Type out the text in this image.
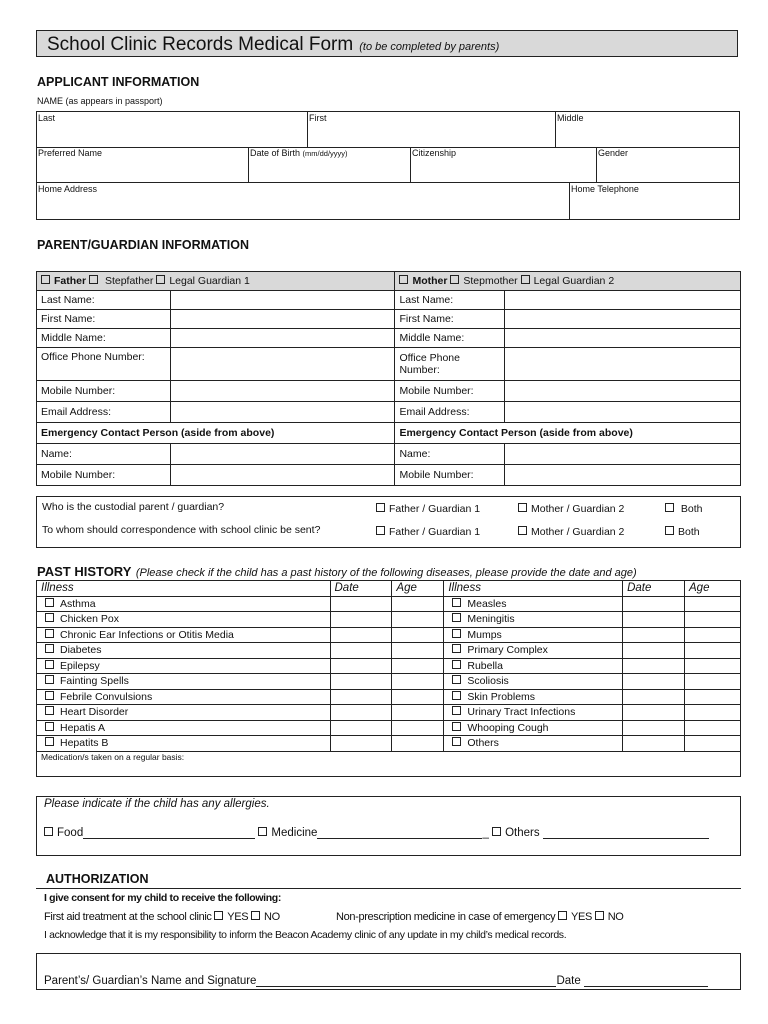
School Clinic Records Medical Form (to be completed by parents)
APPLICANT INFORMATION
NAME (as appears in passport)
Last	First	Middle
Preferred Name	Date of Birth (mm/dd/yyyy)	Citizenship	Gender
Home Address	Home Telephone
PARENT/GUARDIAN INFORMATION
Father Stepfather Legal Guardian 1		Mother Stepmother Legal Guardian 2	
Last Name:		Last Name:	
First Name:		First Name:	
Middle Name:		Middle Name:	
Office Phone Number:		Office Phone
Number:	
Mobile Number:		Mobile Number:	
Email Address:		Email Address:	
Emergency Contact Person (aside from above)		Emergency Contact Person (aside from above)	
Name:		Name:	
Mobile Number:		Mobile Number:	
Who is the custodial parent / guardian?
To whom should correspondence with school clinic be sent?
Father / Guardian 1	Mother / Guardian 2	Both
Father / Guardian 1	Mother / Guardian 2	Both
PAST HISTORY (Please check if the child has a past history of the following diseases, please provide the date and age)
Illness	Date	Age	Illness	Date	Age
Asthma			Measles		
Chicken Pox			Meningitis		
Chronic Ear Infections or Otitis Media			Mumps		
Diabetes			Primary Complex		
Epilepsy			Rubella		
Fainting Spells			Scoliosis		
Febrile Convulsions			Skin Problems		
Heart Disorder			Urinary Tract Infections		
Hepatis A			Whooping Cough		
Hepatits B			Others		
Medication/s taken on a regular basis:					
Please indicate if the child has any allergies.
Food	Medicine	_ Others
AUTHORIZATION
I give consent for my child to receive the following:
First aid treatment at the school clinic YES NO	Non-prescription medicine in case of emergency YES NO
I acknowledge that it is my responsibility to inform the Beacon Academy clinic of any update in my child’s medical records.
Parent’s/ Guardian’s Name and Signature	Date
